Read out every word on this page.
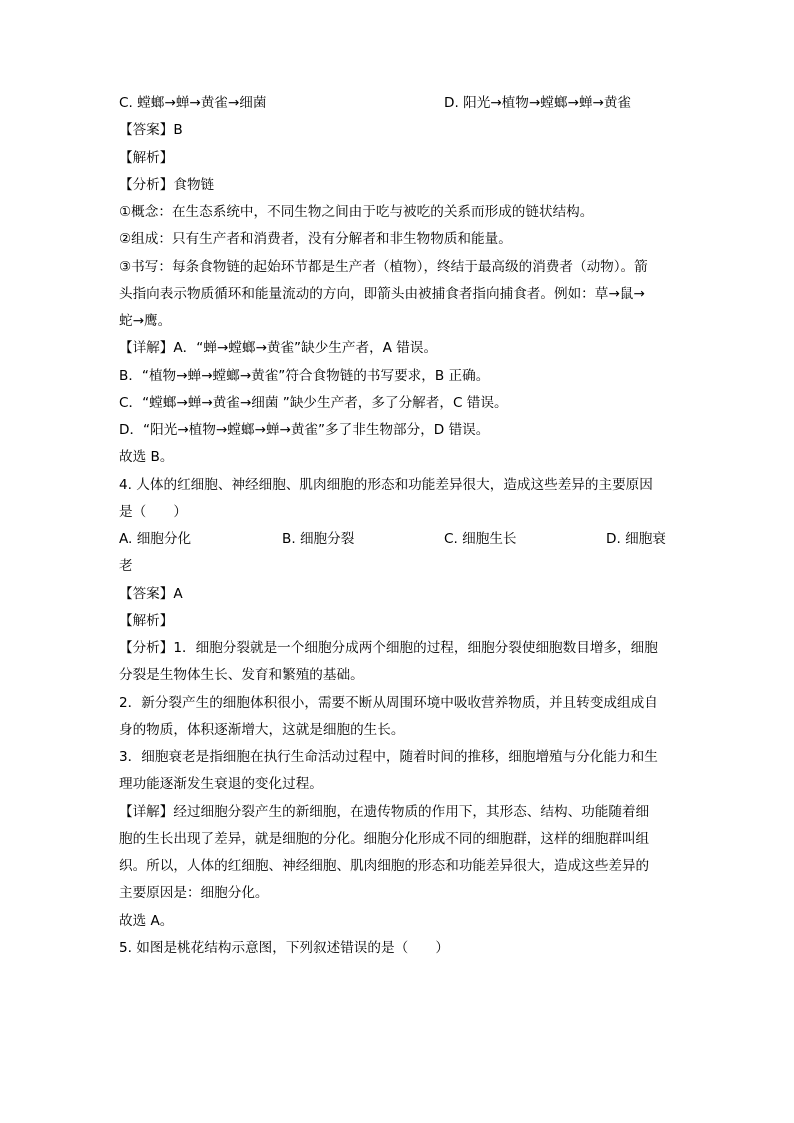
C. 螳螂→蝉→黄雀→细菌	D. 阳光→植物→螳螂→蝉→黄雀
【答案】B
【解析】
【分析】食物链
①概念：在生态系统中，不同生物之间由于吃与被吃的关系而形成的链状结构。
②组成：只有生产者和消费者，没有分解者和非生物物质和能量。
③书写：每条食物链的起始环节都是生产者（植物），终结于最高级的消费者（动物）。箭
头指向表示物质循环和能量流动的方向，即箭头由被捕食者指向捕食者。例如：草→鼠→
蛇→鹰。
【详解】A．“蝉→螳螂→黄雀”缺少生产者，A 错误。
B．“植物→蝉→螳螂→黄雀”符合食物链的书写要求，B 正确。
C．“螳螂→蝉→黄雀→细菌 ”缺少生产者，多了分解者，C 错误。
D．“阳光→植物→螳螂→蝉→黄雀”多了非生物部分，D 错误。
故选 B。
4. 人体的红细胞、神经细胞、肌肉细胞的形态和功能差异很大，造成这些差异的主要原因
是（　　）
A. 细胞分化	B. 细胞分裂	C. 细胞生长	D. 细胞衰
老
【答案】A
【解析】
【分析】1．细胞分裂就是一个细胞分成两个细胞的过程，细胞分裂使细胞数目增多，细胞
分裂是生物体生长、发育和繁殖的基础。
2．新分裂产生的细胞体积很小，需要不断从周围环境中吸收营养物质，并且转变成组成自
身的物质，体积逐渐增大，这就是细胞的生长。
3．细胞衰老是指细胞在执行生命活动过程中，随着时间的推移，细胞增殖与分化能力和生
理功能逐渐发生衰退的变化过程。
【详解】经过细胞分裂产生的新细胞，在遗传物质的作用下，其形态、结构、功能随着细
胞的生长出现了差异，就是细胞的分化。细胞分化形成不同的细胞群，这样的细胞群叫组
织。所以，人体的红细胞、神经细胞、肌肉细胞的形态和功能差异很大，造成这些差异的
主要原因是：细胞分化。
故选 A。
5. 如图是桃花结构示意图，下列叙述错误的是（　　）
